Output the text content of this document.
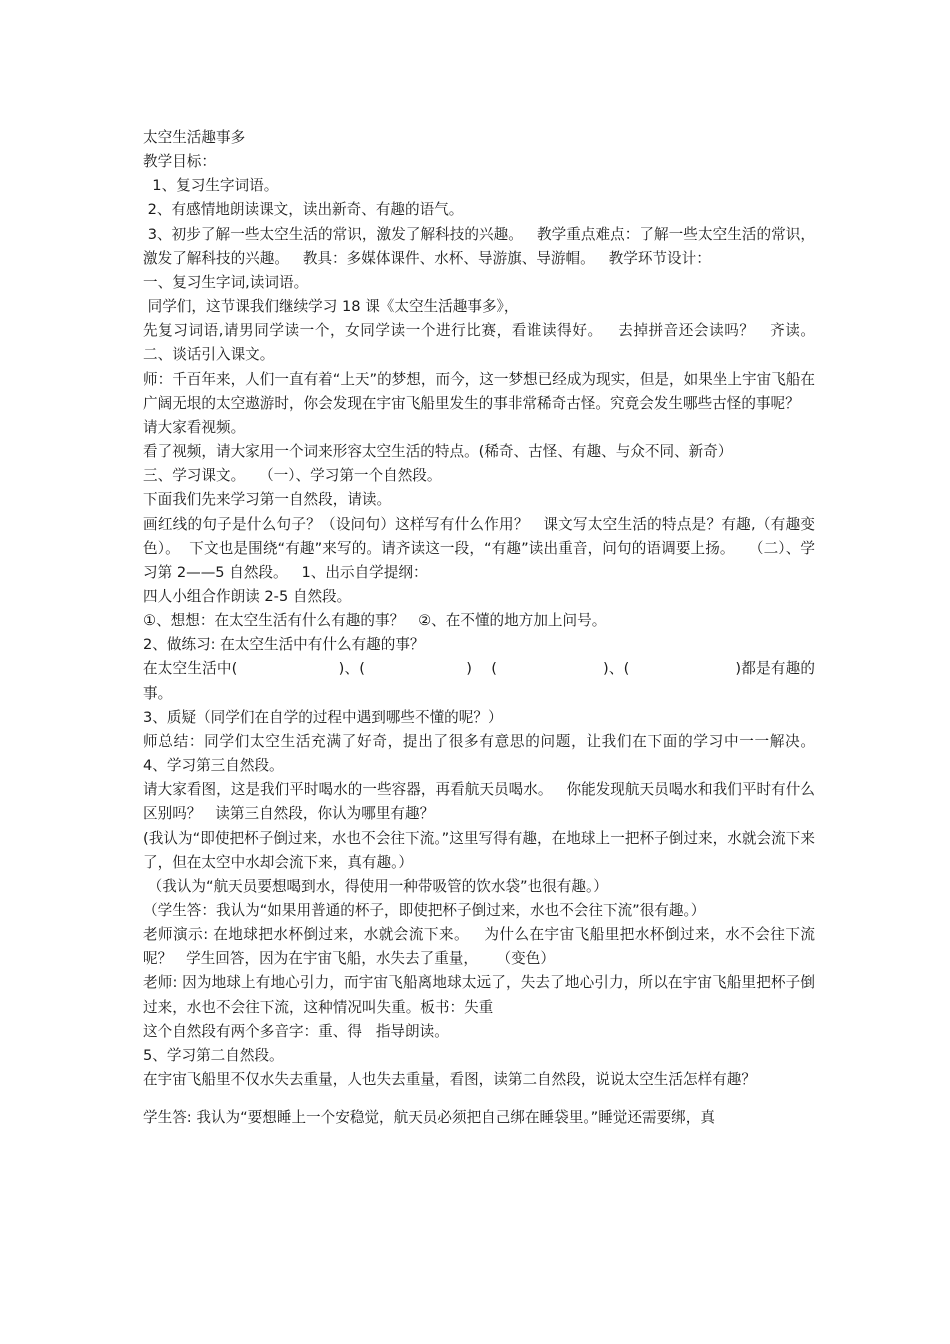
太空生活趣事多

教学目标：

1、复习生字词语。

2、有感情地朗读课文，读出新奇、有趣的语气。

3、初步了解一些太空生活的常识，激发了解科技的兴趣。   教学重点难点：了解一些太空生活的常识，激发了解科技的兴趣。   教具：多媒体课件、水杯、导游旗、导游帽。   教学环节设计：

一、复习生字词,读词语。

同学们，这节课我们继续学习 18 课《太空生活趣事多》，

先复习词语,请男同学读一个，女同学读一个进行比赛，看谁读得好。   去掉拼音还会读吗？   齐读。    二、谈话引入课文。

师：千百年来，人们一直有着“上天”的梦想，而今，这一梦想已经成为现实，但是，如果坐上宇宙飞船在广阔无垠的太空遨游时，你会发现在宇宙飞船里发生的事非常稀奇古怪。究竟会发生哪些古怪的事呢？

请大家看视频。

看了视频，请大家用一个词来形容太空生活的特点。(稀奇、古怪、有趣、与众不同、新奇）

三、学习课文。   （一）、学习第一个自然段。

下面我们先来学习第一自然段，请读。

画红线的句子是什么句子？（设问句）这样写有什么作用？   课文写太空生活的特点是？有趣,（有趣变色）。  下文也是围绕“有趣”来写的。请齐读这一段，“有趣”读出重音，问句的语调要上扬。   （二）、学习第 2——5 自然段。   1、出示自学提纲：

四人小组合作朗读 2-5 自然段。

①、想想：在太空生活有什么有趣的事？   ②、在不懂的地方加上问号。

2、做练习: 在太空生活中有什么有趣的事？

在太空生活中(                     )、(                     )    (                      )、(                      )都是有趣的事。

3、质疑（同学们在自学的过程中遇到哪些不懂的呢？）

师总结：同学们太空生活充满了好奇，提出了很多有意思的问题，让我们在下面的学习中一一解决。   4、学习第三自然段。

请大家看图，这是我们平时喝水的一些容器，再看航天员喝水。   你能发现航天员喝水和我们平时有什么区别吗？   读第三自然段，你认为哪里有趣？

(我认为“即使把杯子倒过来，水也不会往下流。”这里写得有趣，在地球上一把杯子倒过来，水就会流下来了，但在太空中水却会流下来，真有趣。）

（我认为“航天员要想喝到水，得使用一种带吸管的饮水袋”也很有趣。）

（学生答：我认为“如果用普通的杯子，即使把杯子倒过来，水也不会往下流”很有趣。）

老师演示: 在地球把水杯倒过来，水就会流下来。   为什么在宇宙飞船里把水杯倒过来，水不会往下流呢？   学生回答，因为在宇宙飞船，水失去了重量，    （变色）

老师: 因为地球上有地心引力，而宇宙飞船离地球太远了，失去了地心引力，所以在宇宙飞船里把杯子倒过来，水也不会往下流，这种情况叫失重。板书：失重

这个自然段有两个多音字：重、得   指导朗读。

5、学习第二自然段。

在宇宙飞船里不仅水失去重量，人也失去重量，看图，读第二自然段，说说太空生活怎样有趣？

学生答: 我认为“要想睡上一个安稳觉，航天员必须把自己绑在睡袋里。”睡觉还需要绑，真
